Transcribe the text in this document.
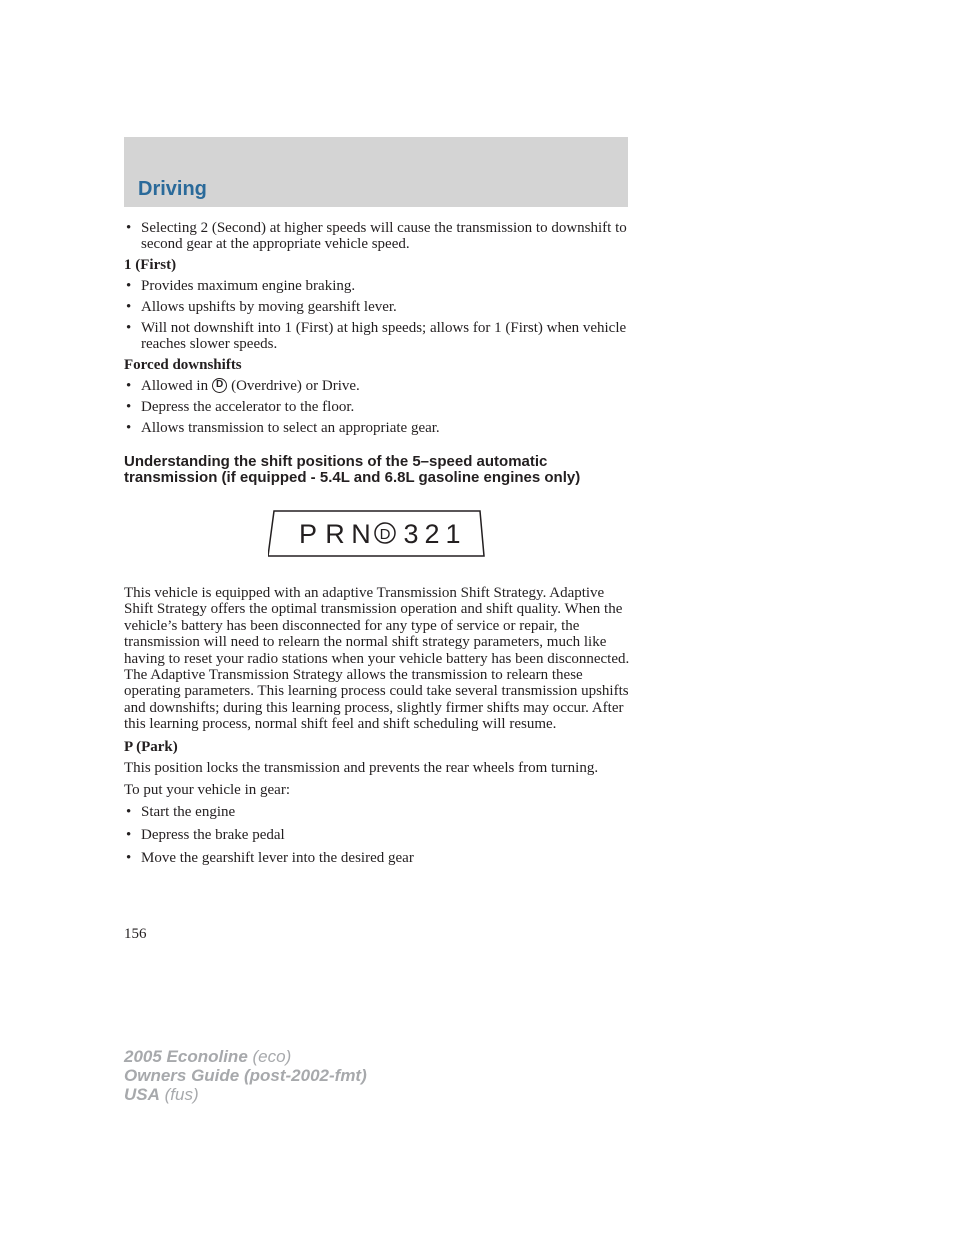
Driving
• Selecting 2 (Second) at higher speeds will cause the transmission to downshift to second gear at the appropriate vehicle speed.
1 (First)
• Provides maximum engine braking.
• Allows upshifts by moving gearshift lever.
• Will not downshift into 1 (First) at high speeds; allows for 1 (First) when vehicle reaches slower speeds.
Forced downshifts
• Allowed inD (Overdrive) or Drive.
• Depress the accelerator to the floor.
• Allows transmission to select an appropriate gear.
Understanding the shift positions of the 5–speed automatic
transmission (if equipped - 5.4L and 6.8L gasoline engines only)
P R N D 3 2 1
This vehicle is equipped with an adaptive Transmission Shift Strategy. Adaptive Shift Strategy offers the optimal transmission operation and shift quality. When the vehicle’s battery has been disconnected for any type of service or repair, the transmission will need to relearn the normal shift strategy parameters, much like having to reset your radio stations when your vehicle battery has been disconnected. The Adaptive Transmission Strategy allows the transmission to relearn these operating parameters. This learning process could take several transmission upshifts and downshifts; during this learning process, slightly firmer shifts may occur. After this learning process, normal shift feel and shift scheduling will resume.
P (Park)
This position locks the transmission and prevents the rear wheels from turning.
To put your vehicle in gear:
• Start the engine
• Depress the brake pedal
• Move the gearshift lever into the desired gear
156
2005 Econoline (eco)
Owners Guide (post-2002-fmt)
USA (fus)
